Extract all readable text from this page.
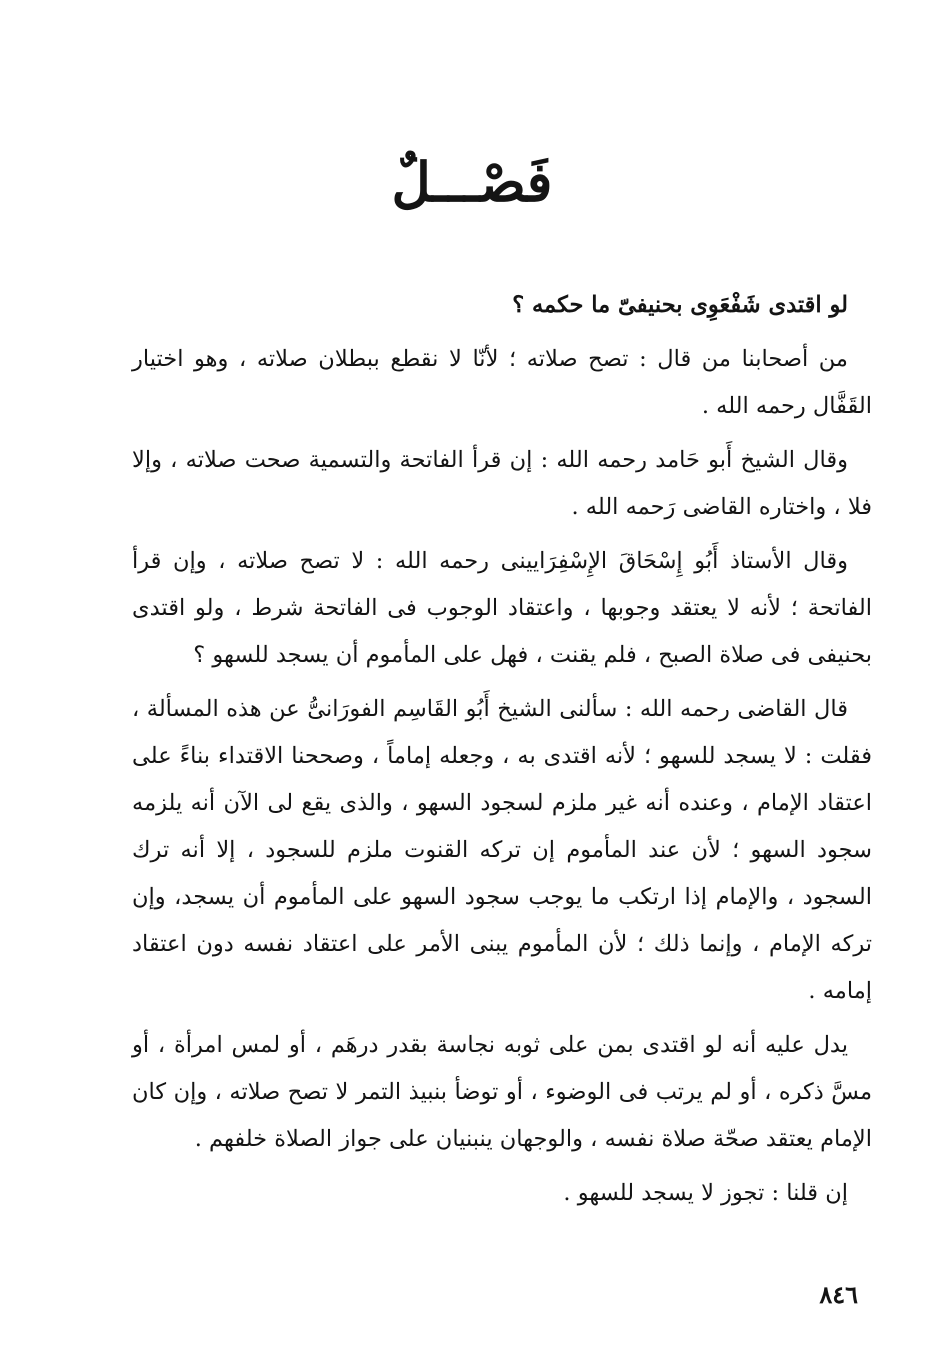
فَصْـــلٌ

لو اقتدى شَفْعَوِى بحنيفىّ ما حكمه ؟

من أصحابنا من قال : تصح صلاته ؛ لأنّا لا نقطع ببطلان صلاته ، وهو اختيار القَفَّال رحمه الله .

وقال الشيخ أَبو حَامد رحمه الله : إن قرأ الفاتحة والتسمية صحت صلاته ، وإلا فلا ، واختاره القاضى رَحمه الله .

وقال الأستاذ أَبُو إِسْحَاقَ الإِسْفِرَايينى رحمه الله : لا تصح صلاته ، وإن قرأ الفاتحة ؛ لأنه لا يعتقد وجوبها ، واعتقاد الوجوب فى الفاتحة شرط ، ولو اقتدى بحنيفى فى صلاة الصبح ، فلم يقنت ، فهل على المأموم أن يسجد للسهو ؟

قال القاضى رحمه الله : سألنى الشيخ أَبُو القَاسِم الفورَانىُّ عن هذه المسألة ، فقلت : لا يسجد للسهو ؛ لأنه اقتدى به ، وجعله إماماً ، وصححنا الاقتداء بناءً على اعتقاد الإمام ، وعنده أنه غير ملزم لسجود السهو ، والذى يقع لى الآن أنه يلزمه سجود السهو ؛ لأن عند المأموم إن تركه القنوت ملزم للسجود ، إلا أنه ترك السجود ، والإمام إذا ارتكب ما يوجب سجود السهو على المأموم أن يسجد، وإن تركه الإمام ، وإنما ذلك ؛ لأن المأموم يبنى الأمر على اعتقاد نفسه دون اعتقاد إمامه .

يدل عليه أنه لو اقتدى بمن على ثوبه نجاسة بقدر درهَم ، أو لمس امرأة ، أو مسَّ ذكره ، أو لم يرتب فى الوضوء ، أو توضأ بنبيذ التمر لا تصح صلاته ، وإن كان الإمام يعتقد صحّة صلاة نفسه ، والوجهان ينبنيان على جواز الصلاة خلفهم .

إن قلنا : تجوز لا يسجد للسهو .

٨٤٦
